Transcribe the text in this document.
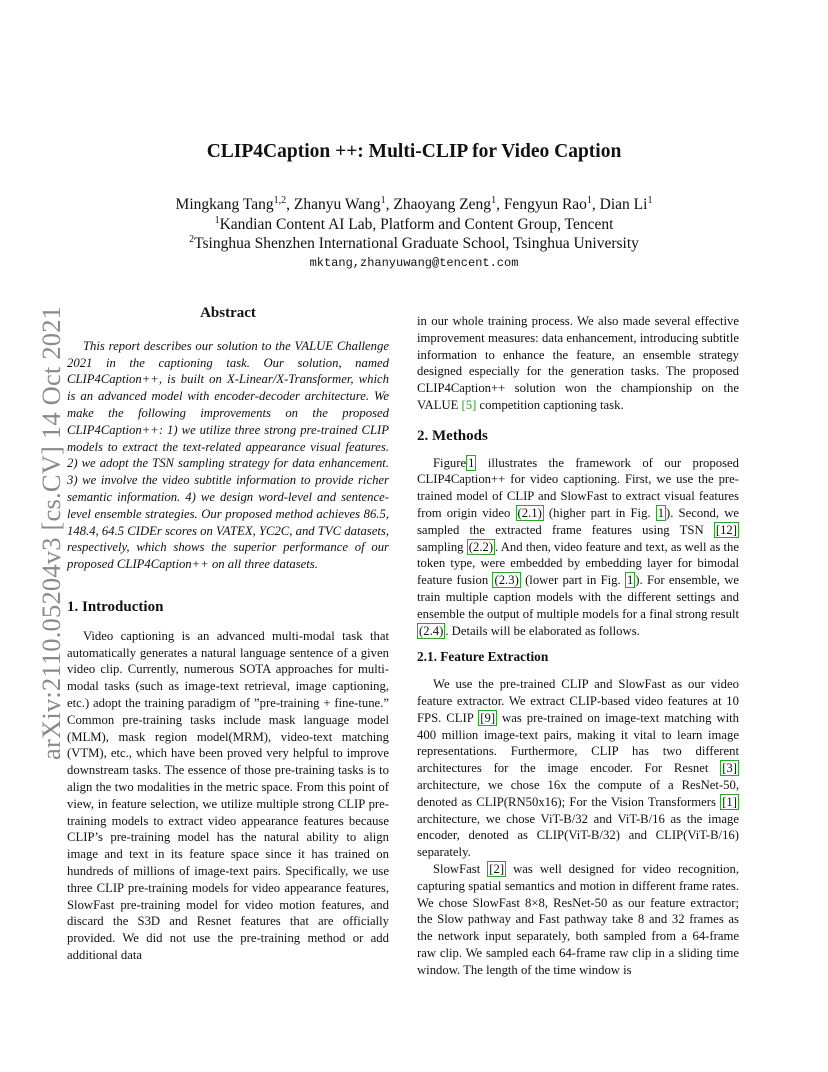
arXiv:2110.05204v3 [cs.CV] 14 Oct 2021
CLIP4Caption ++: Multi-CLIP for Video Caption
Mingkang Tang$^{1,2}$, Zhanyu Wang$^1$, Zhaoyang Zeng$^1$, Fengyun Rao$^1$, Dian Li$^1$
$^1$Kandian Content AI Lab, Platform and Content Group, Tencent
$^2$Tsinghua Shenzhen International Graduate School, Tsinghua University
mktang,zhanyuwang@tencent.com
Abstract

This report describes our solution to the VALUE Challenge 2021 in the captioning task. Our solution, named CLIP4Caption++, is built on X-Linear/X-Transformer, which is an advanced model with encoder-decoder architecture. We make the following improvements on the proposed CLIP4Caption++: 1) we utilize three strong pre-trained CLIP models to extract the text-related appearance visual features. 2) we adopt the TSN sampling strategy for data enhancement. 3) we involve the video subtitle information to provide richer semantic information. 4) we design word-level and sentence-level ensemble strategies. Our proposed method achieves 86.5, 148.4, 64.5 CIDEr scores on VATEX, YC2C, and TVC datasets, respectively, which shows the superior performance of our proposed CLIP4Caption++ on all three datasets.

1. Introduction

Video captioning is an advanced multi-modal task that automatically generates a natural language sentence of a given video clip. Currently, numerous SOTA approaches for multi-modal tasks (such as image-text retrieval, image captioning, etc.) adopt the training paradigm of ”pre-training + fine-tune.” Common pre-training tasks include mask language model (MLM), mask region model(MRM), video-text matching (VTM), etc., which have been proved very helpful to improve downstream tasks. The essence of those pre-training tasks is to align the two modalities in the metric space. From this point of view, in feature selection, we utilize multiple strong CLIP pre-training models to extract video appearance features because CLIP’s pre-training model has the natural ability to align image and text in its feature space since it has trained on hundreds of millions of image-text pairs. Specifically, we use three CLIP pre-training models for video appearance features, SlowFast pre-training model for video motion features, and discard the S3D and Resnet features that are officially provided. We did not use the pre-training method or add additional data

in our whole training process. We also made several effective improvement measures: data enhancement, introducing subtitle information to enhance the feature, an ensemble strategy designed especially for the generation tasks. The proposed CLIP4Caption++ solution won the championship on the VALUE [5] competition captioning task.

2. Methods

Figure 1 illustrates the framework of our proposed CLIP4Caption++ for video captioning. First, we use the pre-trained model of CLIP and SlowFast to extract visual features from origin video (2.1) (higher part in Fig. 1 ). Second, we sampled the extracted frame features using TSN [12] sampling (2.2) . And then, video feature and text, as well as the token type, were embedded by embedding layer for bimodal feature fusion (2.3) (lower part in Fig. 1 ). For ensemble, we train multiple caption models with the different settings and ensemble the output of multiple models for a final strong result (2.4) . Details will be elaborated as follows.

2.1. Feature Extraction

We use the pre-trained CLIP and SlowFast as our video feature extractor. We extract CLIP-based video features at 10 FPS. CLIP [9] was pre-trained on image-text matching with 400 million image-text pairs, making it vital to learn image representations. Furthermore, CLIP has two different architectures for the image encoder. For Resnet [3] architecture, we chose 16x the compute of a ResNet-50, denoted as CLIP(RN50x16); For the Vision Transformers [1] architecture, we chose ViT-B/32 and ViT-B/16 as the image encoder, denoted as CLIP(ViT-B/32) and CLIP(ViT-B/16) separately.

SlowFast [2] was well designed for video recognition, capturing spatial semantics and motion in different frame rates. We chose SlowFast 8×8, ResNet-50 as our feature extractor; the Slow pathway and Fast pathway take 8 and 32 frames as the network input separately, both sampled from a 64-frame raw clip. We sampled each 64-frame raw clip in a sliding time window. The length of the time window is
